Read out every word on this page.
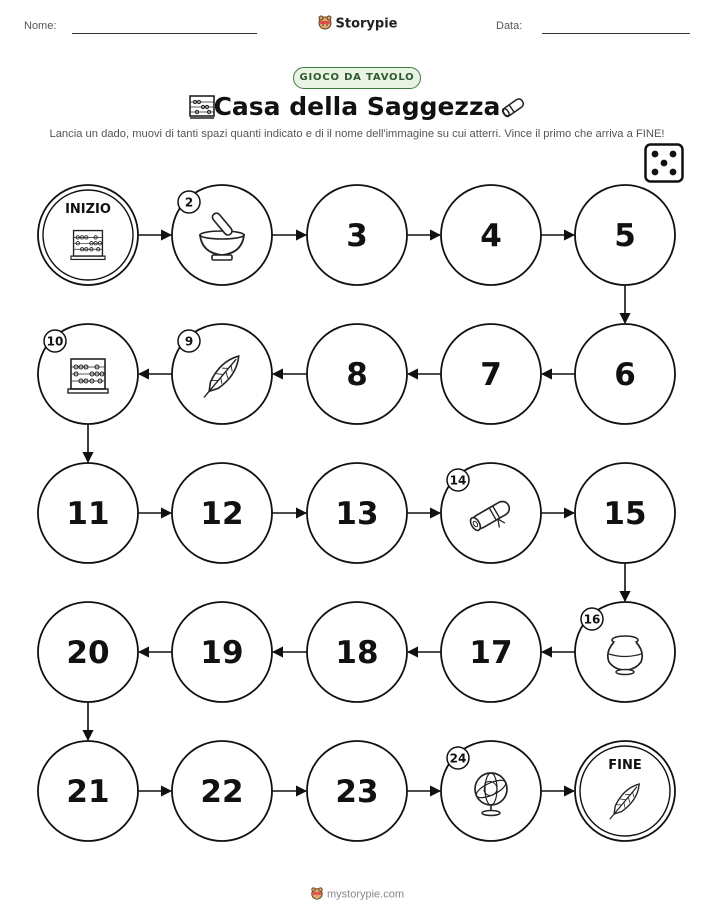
Nome:	Storypie	Data:
GIOCO DA TAVOLO
Casa della Saggezza
Lancia un dado, muovi di tanti spazi quanti indicato e di il nome dell'immagine su cui atterri. Vince il primo che arriva a FINE!
INIZIO	2
3	4	5
6
7
8
9
10
11	12	13
14
15
16
17
18
19
20
21	22	23
24	FINE
mystorypie.com
